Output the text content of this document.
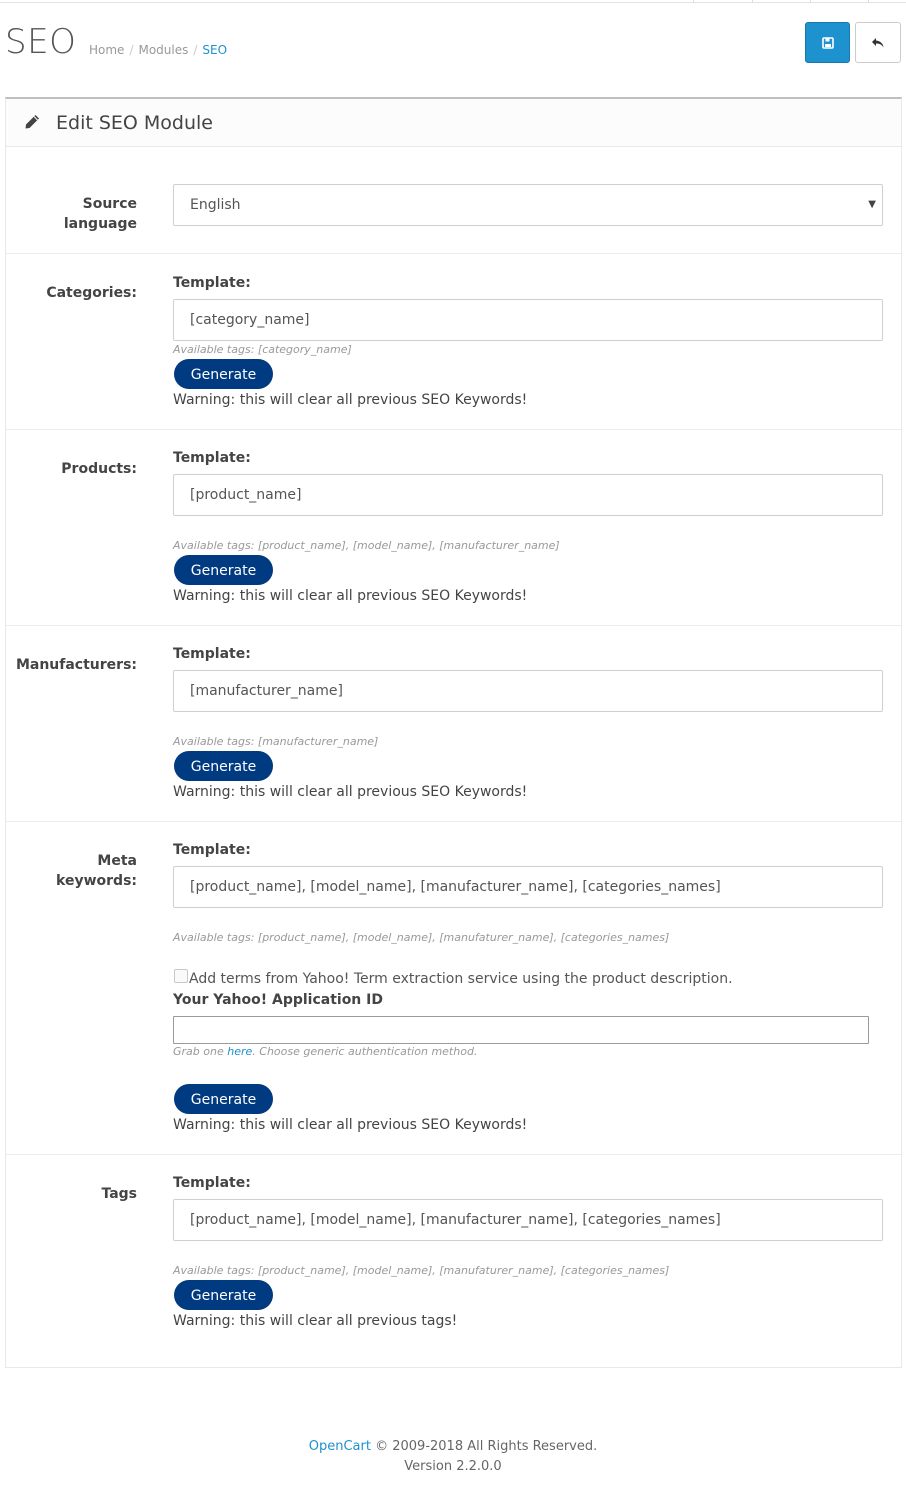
SEO Home / Modules / SEO
Edit SEO Module
Source
language
English	▼
Categories:
Template:
[category_name]
Available tags: [category_name]
Generate
Warning: this will clear all previous SEO Keywords!
Products:
Template:
[product_name]
Available tags: [product_name], [model_name], [manufacturer_name]
Generate
Warning: this will clear all previous SEO Keywords!
Manufacturers:
Template:
[manufacturer_name]
Available tags: [manufacturer_name]
Generate
Warning: this will clear all previous SEO Keywords!
Meta
keywords:
Template:
[product_name], [model_name], [manufacturer_name], [categories_names]
Available tags: [product_name], [model_name], [manufaturer_name], [categories_names]
Add terms from Yahoo! Term extraction service using the product description.
Your Yahoo! Application ID
Grab one here. Choose generic authentication method.
Generate
Warning: this will clear all previous SEO Keywords!
Tags
Template:
[product_name], [model_name], [manufacturer_name], [categories_names]
Available tags: [product_name], [model_name], [manufaturer_name], [categories_names]
Generate
Warning: this will clear all previous tags!
OpenCart © 2009-2018 All Rights Reserved.
Version 2.2.0.0
